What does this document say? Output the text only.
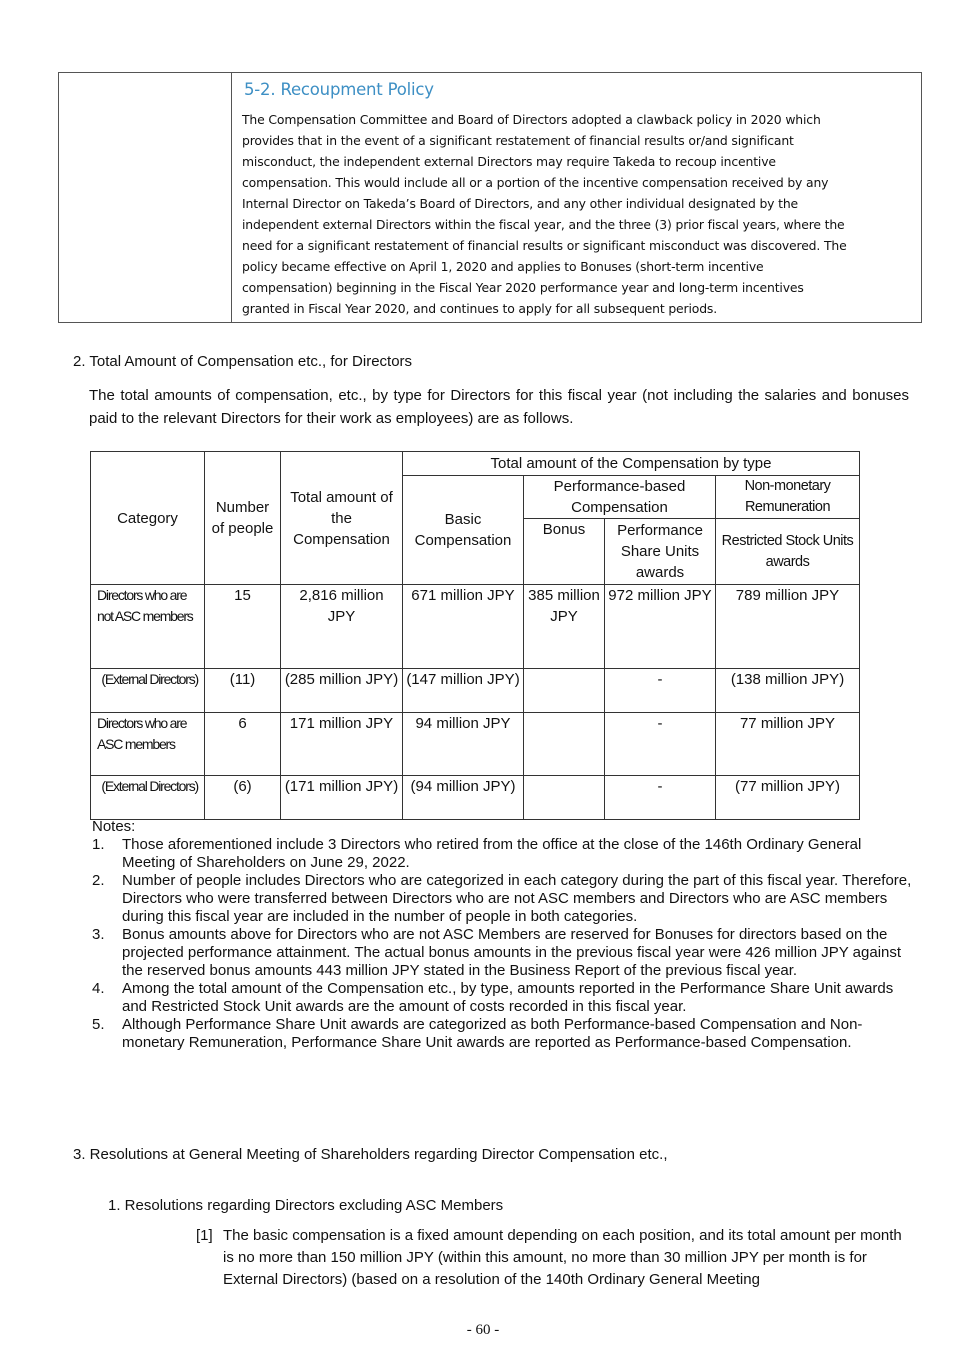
5-2. Recoupment Policy
The Compensation Committee and Board of Directors adopted a clawback policy in 2020 which
provides that in the event of a significant restatement of financial results or/and significant
misconduct, the independent external Directors may require Takeda to recoup incentive
compensation. This would include all or a portion of the incentive compensation received by any
Internal Director on Takeda’s Board of Directors, and any other individual designated by the
independent external Directors within the fiscal year, and the three (3) prior fiscal years, where the
need for a significant restatement of financial results or significant misconduct was discovered. The
policy became effective on April 1, 2020 and applies to Bonuses (short-term incentive
compensation) beginning in the Fiscal Year 2020 performance year and long-term incentives
granted in Fiscal Year 2020, and continues to apply for all subsequent periods.
2. Total Amount of Compensation etc., for Directors
The total amounts of compensation, etc., by type for Directors for this fiscal year (not including the salaries and bonuses paid to the relevant Directors for their work as employees) are as follows.
Category	Number of people	Total amount of the Compensation	Total amount of the Compensation by type			
			Basic Compensation	Performance-based Compensation		Non-monetary Remuneration
				Bonus	Performance Share Units awards	Restricted Stock Units awards

Directors who are not ASC members	15	2,816 million JPY	671 million JPY	385 million JPY	972 million JPY	789 million JPY
(External Directors)	(11)	(285 million JPY)	(147 million JPY)		-	(138 million JPY)
Directors who are ASC members	6	171 million JPY	94 million JPY		-	77 million JPY
(External Directors)	(6)	(171 million JPY)	(94 million JPY)		-	(77 million JPY)
Notes:
1. Those aforementioned include 3 Directors who retired from the office at the close of the 146th Ordinary General Meeting of Shareholders on June 29, 2022.
2. Number of people includes Directors who are categorized in each category during the part of this fiscal year. Therefore, Directors who were transferred between Directors who are not ASC members and Directors who are ASC members during this fiscal year are included in the number of people in both categories.
3. Bonus amounts above for Directors who are not ASC Members are reserved for Bonuses for directors based on the projected performance attainment. The actual bonus amounts in the previous fiscal year were 426 million JPY against the reserved bonus amounts 443 million JPY stated in the Business Report of the previous fiscal year.
4. Among the total amount of the Compensation etc., by type, amounts reported in the Performance Share Unit awards and Restricted Stock Unit awards are the amount of costs recorded in this fiscal year.
5. Although Performance Share Unit awards are categorized as both Performance-based Compensation and Non-monetary Remuneration, Performance Share Unit awards are reported as Performance-based Compensation.
3. Resolutions at General Meeting of Shareholders regarding Director Compensation etc.,
1. Resolutions regarding Directors excluding ASC Members
[1] The basic compensation is a fixed amount depending on each position, and its total amount per month is no more than 150 million JPY (within this amount, no more than 30 million JPY per month is for External Directors) (based on a resolution of the 140th Ordinary General Meeting
- 60 -
